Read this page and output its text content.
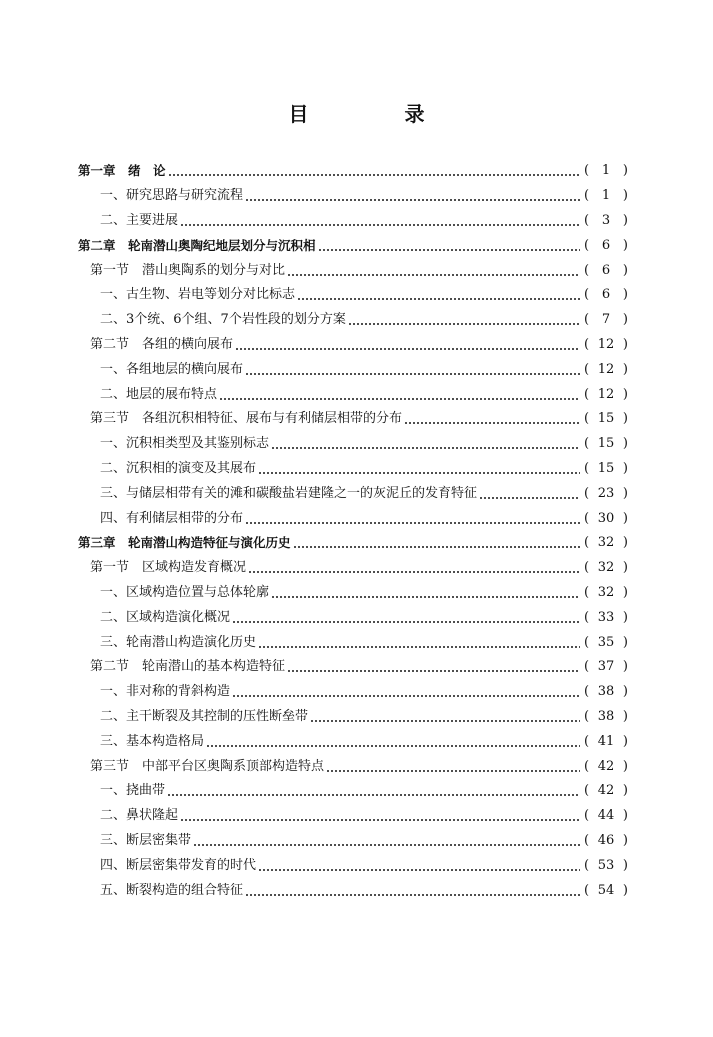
目　录
第一章　绪　论	( 1 )
一、研究思路与研究流程	( 1 )
二、主要进展	( 3 )
第二章　轮南潜山奥陶纪地层划分与沉积相	( 6 )
第一节　潜山奥陶系的划分与对比	( 6 )
一、古生物、岩电等划分对比标志	( 6 )
二、3个统、6个组、7个岩性段的划分方案	( 7 )
第二节　各组的横向展布	( 12 )
一、各组地层的横向展布	( 12 )
二、地层的展布特点	( 12 )
第三节　各组沉积相特征、展布与有利储层相带的分布	( 15 )
一、沉积相类型及其鉴别标志	( 15 )
二、沉积相的演变及其展布	( 15 )
三、与储层相带有关的滩和碳酸盐岩建隆之一的灰泥丘的发育特征	( 23 )
四、有利储层相带的分布	( 30 )
第三章　轮南潜山构造特征与演化历史	( 32 )
第一节　区域构造发育概况	( 32 )
一、区域构造位置与总体轮廓	( 32 )
二、区域构造演化概况	( 33 )
三、轮南潜山构造演化历史	( 35 )
第二节　轮南潜山的基本构造特征	( 37 )
一、非对称的背斜构造	( 38 )
二、主干断裂及其控制的压性断垒带	( 38 )
三、基本构造格局	( 41 )
第三节　中部平台区奥陶系顶部构造特点	( 42 )
一、挠曲带	( 42 )
二、鼻状隆起	( 44 )
三、断层密集带	( 46 )
四、断层密集带发育的时代	( 53 )
五、断裂构造的组合特征	( 54 )
